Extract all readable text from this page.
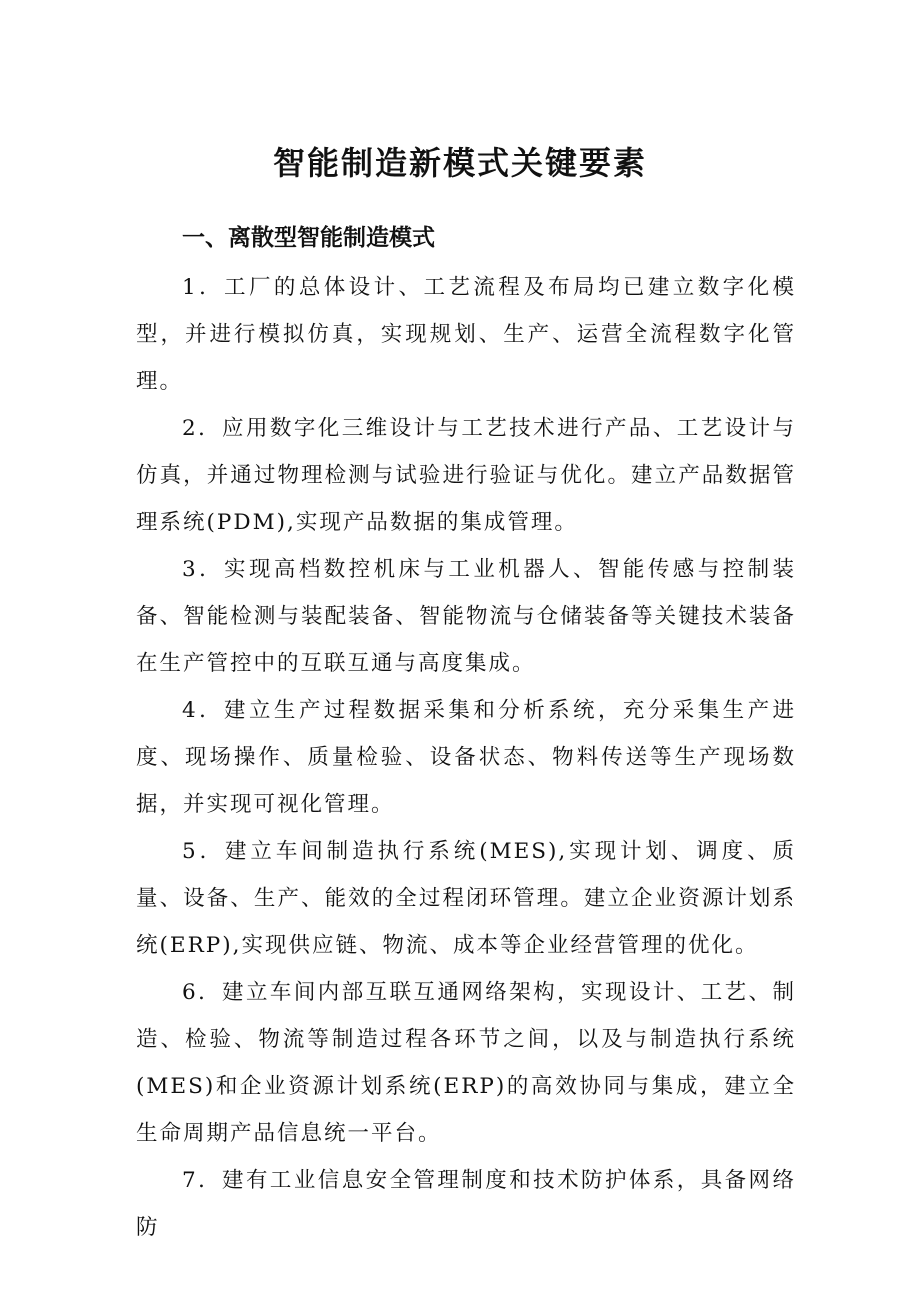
智能制造新模式关键要素
一、离散型智能制造模式

1．工厂的总体设计、工艺流程及布局均已建立数字化模型，并进行模拟仿真，实现规划、生产、运营全流程数字化管理。

2．应用数字化三维设计与工艺技术进行产品、工艺设计与仿真，并通过物理检测与试验进行验证与优化。建立产品数据管理系统(PDM),实现产品数据的集成管理。

3．实现高档数控机床与工业机器人、智能传感与控制装备、智能检测与装配装备、智能物流与仓储装备等关键技术装备在生产管控中的互联互通与高度集成。

4．建立生产过程数据采集和分析系统，充分采集生产进度、现场操作、质量检验、设备状态、物料传送等生产现场数据，并实现可视化管理。

5．建立车间制造执行系统(MES),实现计划、调度、质量、设备、生产、能效的全过程闭环管理。建立企业资源计划系统(ERP),实现供应链、物流、成本等企业经营管理的优化。

6．建立车间内部互联互通网络架构，实现设计、工艺、制造、检验、物流等制造过程各环节之间，以及与制造执行系统(MES)和企业资源计划系统(ERP)的高效协同与集成，建立全生命周期产品信息统一平台。

7．建有工业信息安全管理制度和技术防护体系，具备网络防
